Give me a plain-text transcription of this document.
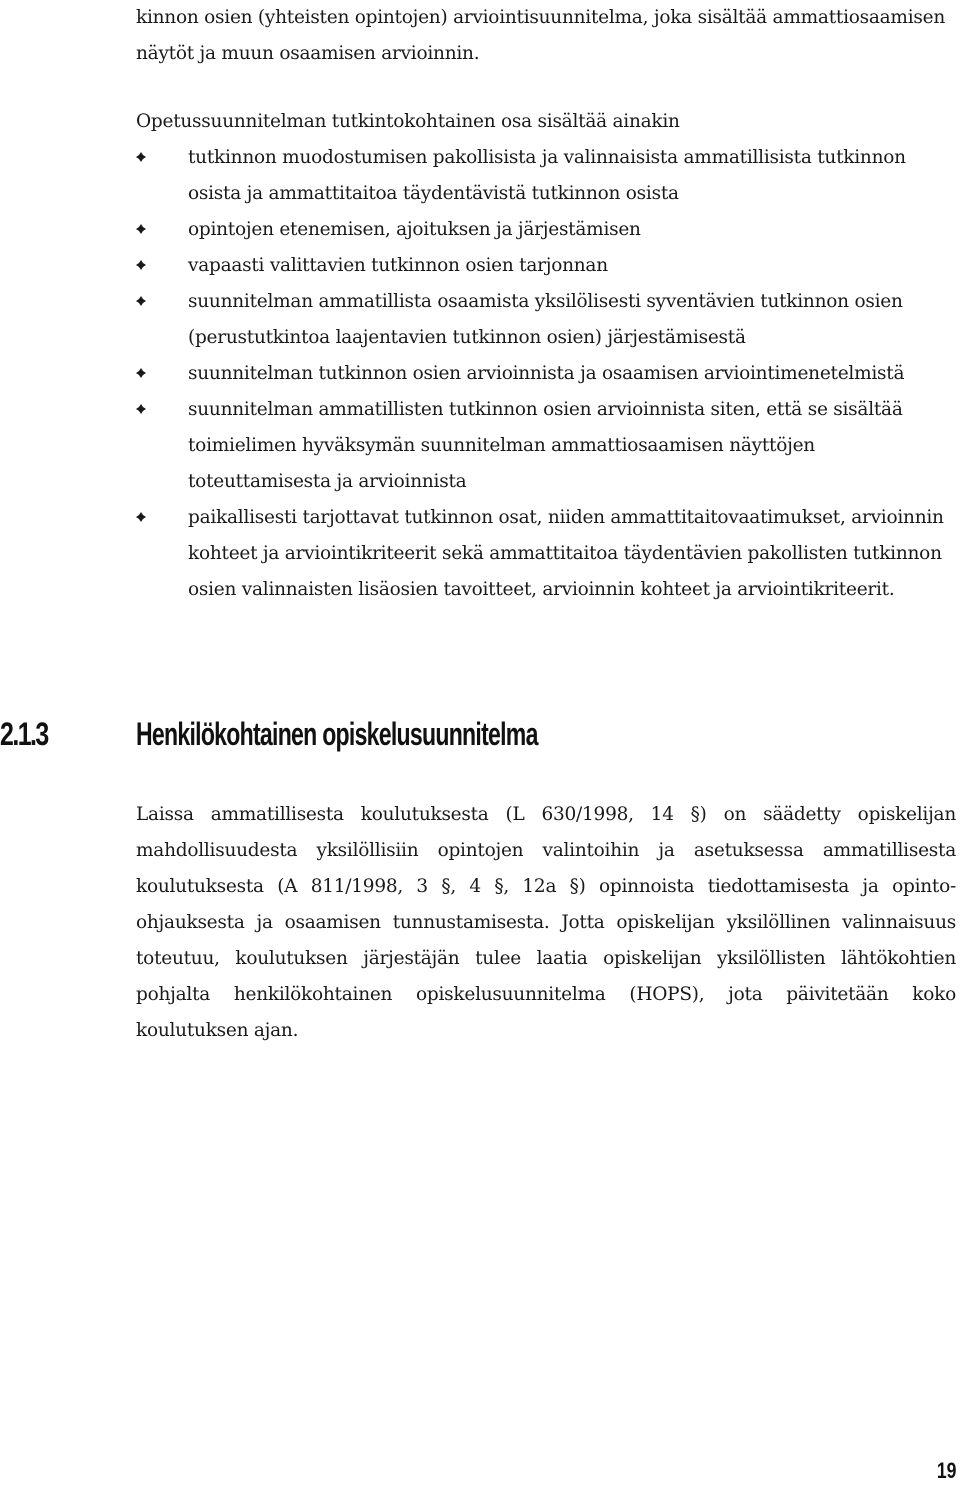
kinnon osien (yhteisten opintojen) arviointisuunnitelma, joka sisältää ammattiosaamisen näytöt ja muun osaamisen arvioinnin.

Opetussuunnitelman tutkintokohtainen osa sisältää ainakin

tutkinnon muodostumisen pakollisista ja valinnaisista ammatillisista tutkinnon osista ja ammattitaitoa täydentävistä tutkinnon osista
opintojen etenemisen, ajoituksen ja järjestämisen
vapaasti valittavien tutkinnon osien tarjonnan
suunnitelman ammatillista osaamista yksilölisesti syventävien tutkinnon osien (perustutkintoa laajentavien tutkinnon osien) järjestämisestä
suunnitelman tutkinnon osien arvioinnista ja osaamisen arviointimenetelmistä
suunnitelman ammatillisten tutkinnon osien arvioinnista siten, että se sisältää toimielimen hyväksymän suunnitelman ammattiosaamisen näyttöjen toteuttamisesta ja arvioinnista
paikallisesti tarjottavat tutkinnon osat, niiden ammattitaitovaatimukset, arvioinnin kohteet ja arviointikriteerit sekä ammattitaitoa täydentävien pakollisten tutkinnon osien valinnaisten lisäosien tavoitteet, arvioinnin kohteet ja arviointikriteerit.
2.1.3	Henkilökohtainen opiskelusuunnitelma

Laissa ammatillisesta koulutuksesta (L 630/1998, 14 §) on säädetty opiskelijan mahdollisuudesta yksilöllisiin opintojen valintoihin ja asetuksessa ammatillisesta koulutuksesta (A 811/1998, 3 §, 4 §, 12a §) opinnoista tiedottamisesta ja opinto-ohjauksesta ja osaamisen tunnustamisesta. Jotta opiskelijan yksilöllinen valinnaisuus toteutuu, koulutuksen järjestäjän tulee laatia opiskelijan yksilöllisten lähtökohtien pohjalta henkilökohtainen opiskelusuunnitelma (HOPS), jota päivitetään koko koulutuksen ajan.

19
